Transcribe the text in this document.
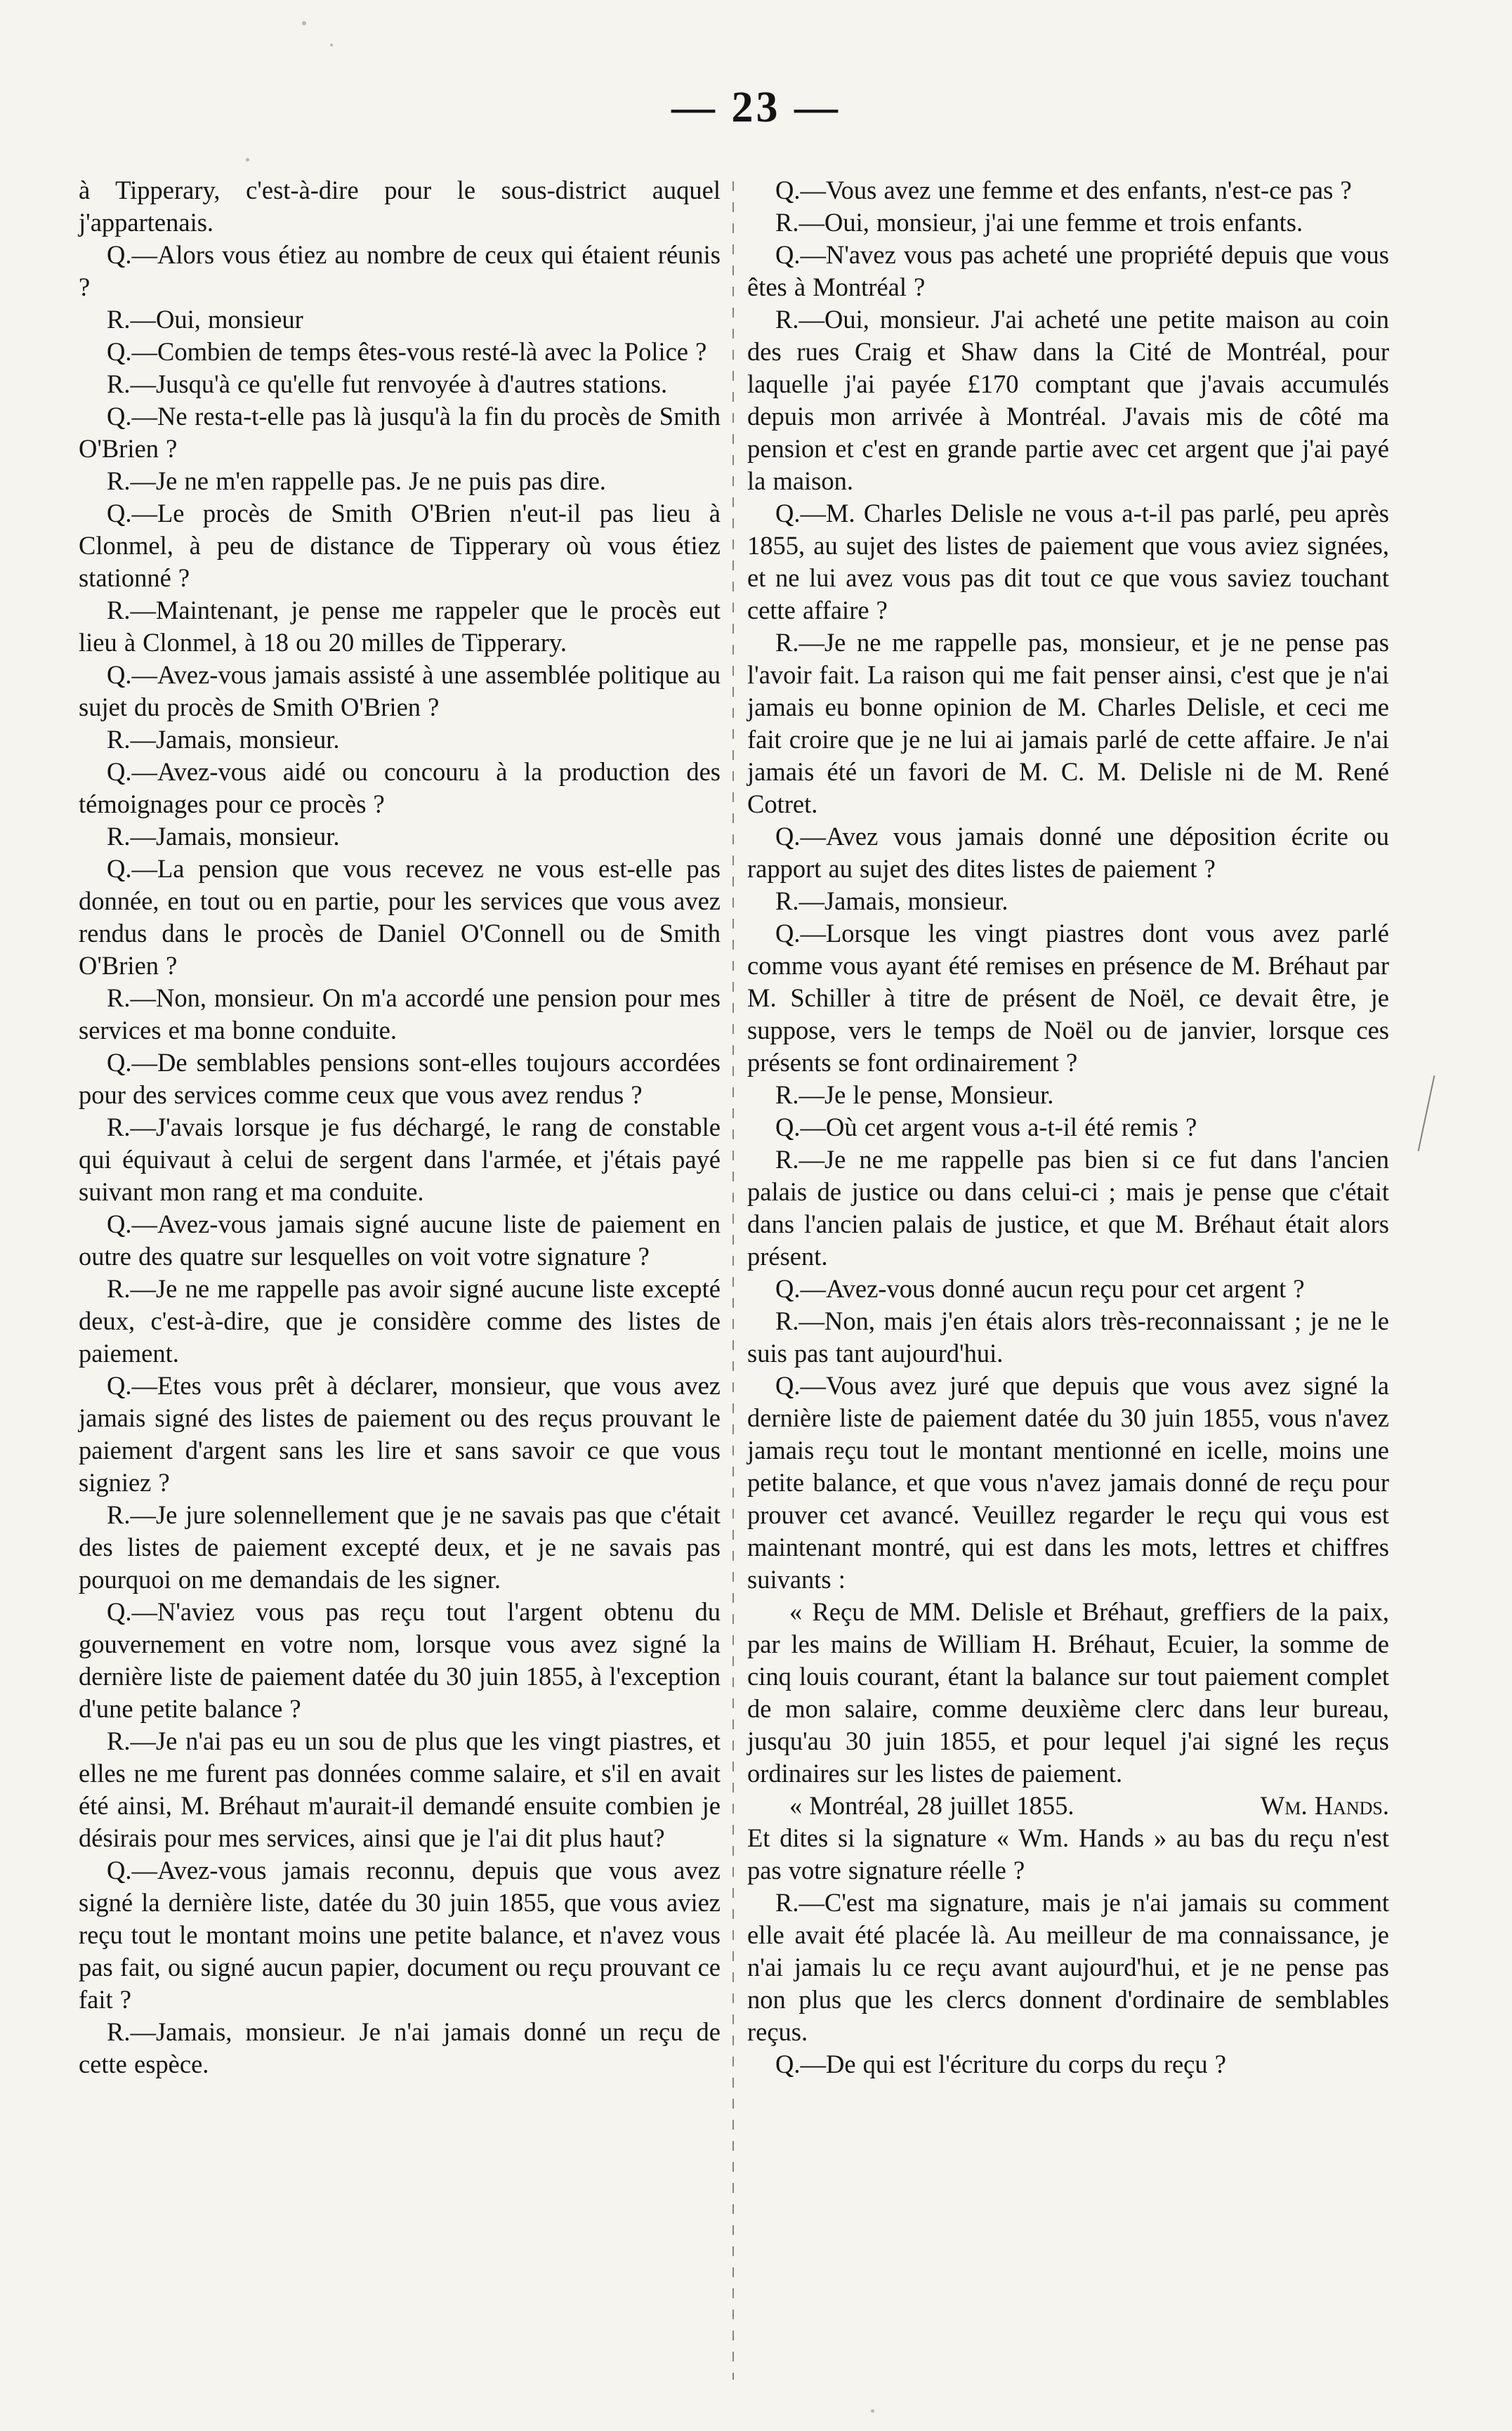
— 23 —

à Tipperary, c'est-à-dire pour le sous-district auquel j'appartenais.

Q.—Alors vous étiez au nombre de ceux qui étaient réunis ?

R.—Oui, monsieur

Q.—Combien de temps êtes-vous resté-là avec la Police ?

R.—Jusqu'à ce qu'elle fut renvoyée à d'autres stations.

Q.—Ne resta-t-elle pas là jusqu'à la fin du procès de Smith O'Brien ?

R.—Je ne m'en rappelle pas. Je ne puis pas dire.

Q.—Le procès de Smith O'Brien n'eut-il pas lieu à Clonmel, à peu de distance de Tipperary où vous étiez stationné ?

R.—Maintenant, je pense me rappeler que le procès eut lieu à Clonmel, à 18 ou 20 milles de Tipperary.

Q.—Avez-vous jamais assisté à une assemblée politique au sujet du procès de Smith O'Brien ?

R.—Jamais, monsieur.

Q.—Avez-vous aidé ou concouru à la production des témoignages pour ce procès ?

R.—Jamais, monsieur.

Q.—La pension que vous recevez ne vous est-elle pas donnée, en tout ou en partie, pour les services que vous avez rendus dans le procès de Daniel O'Connell ou de Smith O'Brien ?

R.—Non, monsieur. On m'a accordé une pension pour mes services et ma bonne conduite.

Q.—De semblables pensions sont-elles toujours accordées pour des services comme ceux que vous avez rendus ?

R.—J'avais lorsque je fus déchargé, le rang de constable qui équivaut à celui de sergent dans l'armée, et j'étais payé suivant mon rang et ma conduite.

Q.—Avez-vous jamais signé aucune liste de paiement en outre des quatre sur lesquelles on voit votre signature ?

R.—Je ne me rappelle pas avoir signé aucune liste excepté deux, c'est-à-dire, que je considère comme des listes de paiement.

Q.—Etes vous prêt à déclarer, monsieur, que vous avez jamais signé des listes de paiement ou des reçus prouvant le paiement d'argent sans les lire et sans savoir ce que vous signiez ?

R.—Je jure solennellement que je ne savais pas que c'était des listes de paiement excepté deux, et je ne savais pas pourquoi on me demandais de les signer.

Q.—N'aviez vous pas reçu tout l'argent obtenu du gouvernement en votre nom, lorsque vous avez signé la dernière liste de paiement datée du 30 juin 1855, à l'exception d'une petite balance ?

R.—Je n'ai pas eu un sou de plus que les vingt piastres, et elles ne me furent pas données comme salaire, et s'il en avait été ainsi, M. Bréhaut m'aurait-il demandé ensuite combien je désirais pour mes services, ainsi que je l'ai dit plus haut?

Q.—Avez-vous jamais reconnu, depuis que vous avez signé la dernière liste, datée du 30 juin 1855, que vous aviez reçu tout le montant moins une petite balance, et n'avez vous pas fait, ou signé aucun papier, document ou reçu prouvant ce fait ?

R.—Jamais, monsieur. Je n'ai jamais donné un reçu de cette espèce.

Q.—Vous avez une femme et des enfants, n'est-ce pas ?

R.—Oui, monsieur, j'ai une femme et trois enfants.

Q.—N'avez vous pas acheté une propriété depuis que vous êtes à Montréal ?

R.—Oui, monsieur. J'ai acheté une petite maison au coin des rues Craig et Shaw dans la Cité de Montréal, pour laquelle j'ai payée £170 comptant que j'avais accumulés depuis mon arrivée à Montréal. J'avais mis de côté ma pension et c'est en grande partie avec cet argent que j'ai payé la maison.

Q.—M. Charles Delisle ne vous a-t-il pas parlé, peu après 1855, au sujet des listes de paiement que vous aviez signées, et ne lui avez vous pas dit tout ce que vous saviez touchant cette affaire ?

R.—Je ne me rappelle pas, monsieur, et je ne pense pas l'avoir fait. La raison qui me fait penser ainsi, c'est que je n'ai jamais eu bonne opinion de M. Charles Delisle, et ceci me fait croire que je ne lui ai jamais parlé de cette affaire. Je n'ai jamais été un favori de M. C. M. Delisle ni de M. René Cotret.

Q.—Avez vous jamais donné une déposition écrite ou rapport au sujet des dites listes de paiement ?

R.—Jamais, monsieur.

Q.—Lorsque les vingt piastres dont vous avez parlé comme vous ayant été remises en présence de M. Bréhaut par M. Schiller à titre de présent de Noël, ce devait être, je suppose, vers le temps de Noël ou de janvier, lorsque ces présents se font ordinairement ?

R.—Je le pense, Monsieur.

Q.—Où cet argent vous a-t-il été remis ?

R.—Je ne me rappelle pas bien si ce fut dans l'ancien palais de justice ou dans celui-ci ; mais je pense que c'était dans l'ancien palais de justice, et que M. Bréhaut était alors présent.

Q.—Avez-vous donné aucun reçu pour cet argent ?

R.—Non, mais j'en étais alors très-reconnaissant ; je ne le suis pas tant aujourd'hui.

Q.—Vous avez juré que depuis que vous avez signé la dernière liste de paiement datée du 30 juin 1855, vous n'avez jamais reçu tout le montant mentionné en icelle, moins une petite balance, et que vous n'avez jamais donné de reçu pour prouver cet avancé. Veuillez regarder le reçu qui vous est maintenant montré, qui est dans les mots, lettres et chiffres suivants :

« Reçu de MM. Delisle et Bréhaut, greffiers de la paix, par les mains de William H. Bréhaut, Ecuier, la somme de cinq louis courant, étant la balance sur tout paiement complet de mon salaire, comme deuxième clerc dans leur bureau, jusqu'au 30 juin 1855, et pour lequel j'ai signé les reçus ordinaires sur les listes de paiement.

Wm. Hands.
« Montréal, 28 juillet 1855.

Et dites si la signature « Wm. Hands » au bas du reçu n'est pas votre signature réelle ?

R.—C'est ma signature, mais je n'ai jamais su comment elle avait été placée là. Au meilleur de ma connaissance, je n'ai jamais lu ce reçu avant aujourd'hui, et je ne pense pas non plus que les clercs donnent d'ordinaire de semblables reçus.

Q.—De qui est l'écriture du corps du reçu ?
